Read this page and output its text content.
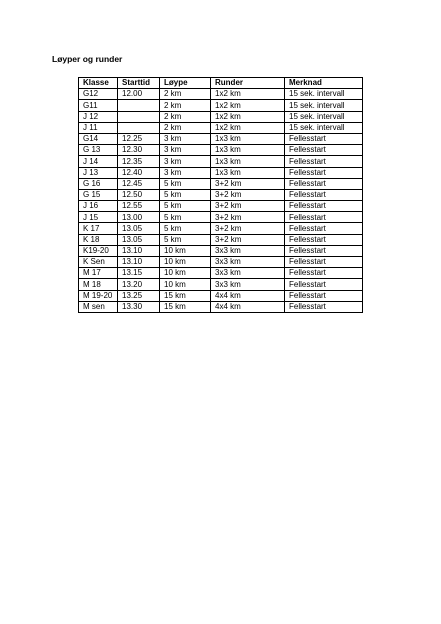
Løyper og runder
Klasse	Starttid	Løype	Runder	Merknad
G12	12.00	2 km	1x2 km	15 sek. intervall
G11		2 km	1x2 km	15 sek. intervall
J 12		2 km	1x2 km	15 sek. intervall
J 11		2 km	1x2 km	15 sek. intervall
G14	12.25	3 km	1x3 km	Fellesstart
G 13	12.30	3 km	1x3 km	Fellesstart
J 14	12.35	3 km	1x3 km	Fellesstart
J 13	12.40	3 km	1x3 km	Fellesstart
G 16	12.45	5 km	3+2 km	Fellesstart
G 15	12.50	5 km	3+2 km	Fellesstart
J 16	12.55	5 km	3+2 km	Fellesstart
J 15	13.00	5 km	3+2 km	Fellesstart
K 17	13.05	5 km	3+2 km	Fellesstart
K 18	13.05	5 km	3+2 km	Fellesstart
K19-20	13.10	10 km	3x3 km	Fellesstart
K Sen	13.10	10 km	3x3 km	Fellesstart
M 17	13.15	10 km	3x3 km	Fellesstart
M 18	13.20	10 km	3x3 km	Fellesstart
M 19-20	13.25	15 km	4x4 km	Fellesstart
M sen	13.30	15 km	4x4 km	Fellesstart
